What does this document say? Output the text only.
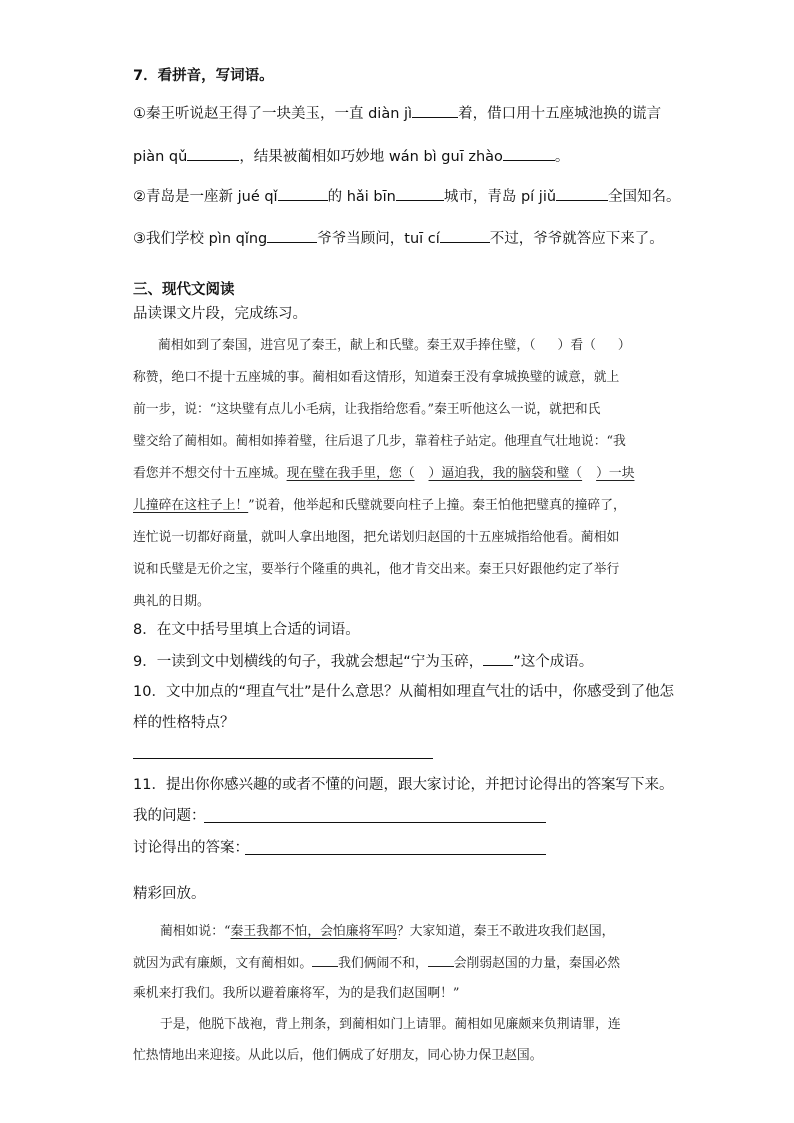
7．看拼音，写词语。
①秦王听说赵王得了一块美玉，一直 diàn jì	着，借口用十五座城池换的谎言
piàn qǔ	，结果被蔺相如巧妙地 wán bì guī zhào	。
②青岛是一座新 jué qǐ	的 hǎi bīn	城市，青岛 pí jiǔ	全国知名。
③我们学校 pìn qǐng	爷爷当顾问，tuī cí	不过，爷爷就答应下来了。
三、现代文阅读
品读课文片段，完成练习。
蔺相如到了秦国，进宫见了秦王，献上和氏璧。秦王双手捧住璧，（ ）看（ ）
称赞，绝口不提十五座城的事。蔺相如看这情形，知道秦王没有拿城换璧的诚意，就上
前一步，说：“这块璧有点儿小毛病，让我指给您看。”秦王听他这么一说，就把和氏
璧交给了蔺相如。蔺相如捧着璧，往后退了几步，靠着柱子站定。他理直气壮地说：“我
看您并不想交付十五座城。现在璧在我手里，您（ ）逼迫我，我的脑袋和璧（ ）一块
儿撞碎在这柱子上！”说着，他举起和氏璧就要向柱子上撞。秦王怕他把璧真的撞碎了，
连忙说一切都好商量，就叫人拿出地图，把允诺划归赵国的十五座城指给他看。蔺相如
说和氏璧是无价之宝，要举行个隆重的典礼，他才肯交出来。秦王只好跟他约定了举行
典礼的日期。
8．在文中括号里填上合适的词语。
9．一读到文中划横线的句子，我就会想起“宁为玉碎， ”这个成语。
10．文中加点的“理直气壮”是什么意思？从蔺相如理直气壮的话中，你感受到了他怎
样的性格特点？
11．提出你你感兴趣的或者不懂的问题，跟大家讨论，并把讨论得出的答案写下来。
我的问题：
讨论得出的答案：
精彩回放。
蔺相如说：“秦王我都不怕，会怕廉将军吗？大家知道，秦王不敢进攻我们赵国，
就因为武有廉颇，文有蔺相如。 我们俩闹不和， 会削弱赵国的力量，秦国必然
乘机来打我们。我所以避着廉将军，为的是我们赵国啊！”
于是，他脱下战袍，背上荆条，到蔺相如门上请罪。蔺相如见廉颇来负荆请罪，连
忙热情地出来迎接。从此以后，他们俩成了好朋友，同心协力保卫赵国。
